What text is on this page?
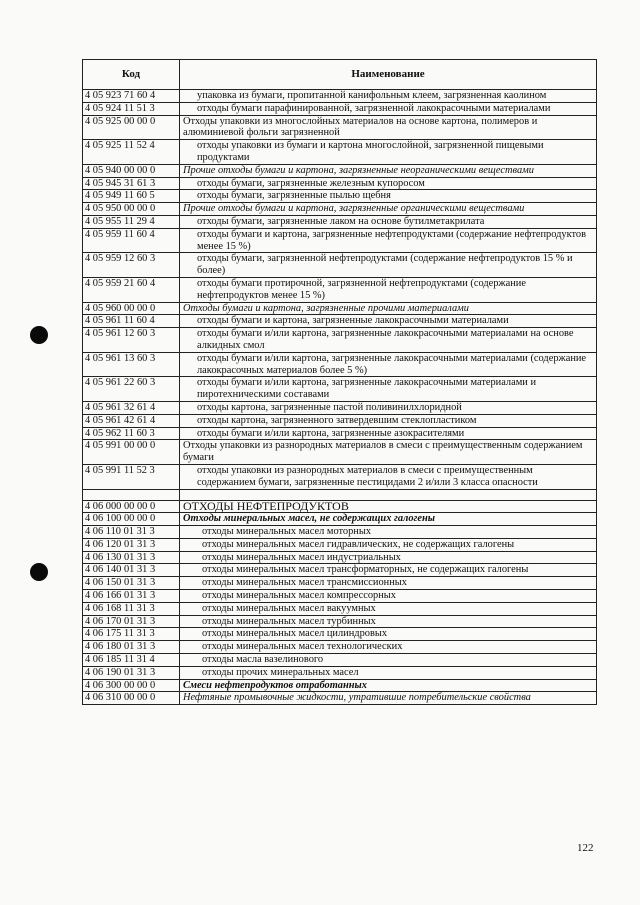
Код	Наименование
4 05 923 71 60 4	упаковка из бумаги, пропитанной канифольным клеем, загрязненная каолином
4 05 924 11 51 3	отходы бумаги парафинированной, загрязненной лакокрасочными материалами
4 05 925 00 00 0	Отходы упаковки из многослойных материалов на основе картона, полимеров и алюминиевой фольги загрязненной
4 05 925 11 52 4	отходы упаковки из бумаги и картона многослойной, загрязненной пищевыми продуктами
4 05 940 00 00 0	Прочие отходы бумаги и картона, загрязненные неорганическими веществами
4 05 945 31 61 3	отходы бумаги, загрязненные железным купоросом
4 05 949 11 60 5	отходы бумаги, загрязненные пылью щебня
4 05 950 00 00 0	Прочие отходы бумаги и картона, загрязненные органическими веществами
4 05 955 11 29 4	отходы бумаги, загрязненные лаком на основе бутилметакрилата
4 05 959 11 60 4	отходы бумаги и картона, загрязненные нефтепродуктами (содержание нефтепродуктов менее 15 %)
4 05 959 12 60 3	отходы бумаги, загрязненной нефтепродуктами (содержание нефтепродуктов 15 % и более)
4 05 959 21 60 4	отходы бумаги протирочной, загрязненной нефтепродуктами (содержание нефтепродуктов менее 15 %)
4 05 960 00 00 0	Отходы бумаги и картона, загрязненные прочими материалами
4 05 961 11 60 4	отходы бумаги и картона, загрязненные лакокрасочными материалами
4 05 961 12 60 3	отходы бумаги и/или картона, загрязненные лакокрасочными материалами на основе алкидных смол
4 05 961 13 60 3	отходы бумаги и/или картона, загрязненные лакокрасочными материалами (содержание лакокрасочных материалов более 5 %)
4 05 961 22 60 3	отходы бумаги и/или картона, загрязненные лакокрасочными материалами и пиротехническими составами
4 05 961 32 61 4	отходы картона, загрязненные пастой поливинилхлоридной
4 05 961 42 61 4	отходы картона, загрязненного затвердевшим стеклопластиком
4 05 962 11 60 3	отходы бумаги и/или картона, загрязненные азокрасителями
4 05 991 00 00 0	Отходы упаковки из разнородных материалов в смеси с преимущественным содержанием бумаги
4 05 991 11 52 3	отходы упаковки из разнородных материалов в смеси с преимущественным содержанием бумаги, загрязненные пестицидами 2 и/или 3 класса опасности

4 06 000 00 00 0	ОТХОДЫ НЕФТЕПРОДУКТОВ
4 06 100 00 00 0	Отходы минеральных масел, не содержащих галогены
4 06 110 01 31 3	отходы минеральных масел моторных
4 06 120 01 31 3	отходы минеральных масел гидравлических, не содержащих галогены
4 06 130 01 31 3	отходы минеральных масел индустриальных
4 06 140 01 31 3	отходы минеральных масел трансформаторных, не содержащих галогены
4 06 150 01 31 3	отходы минеральных масел трансмиссионных
4 06 166 01 31 3	отходы минеральных масел компрессорных
4 06 168 11 31 3	отходы минеральных масел вакуумных
4 06 170 01 31 3	отходы минеральных масел турбинных
4 06 175 11 31 3	отходы минеральных масел цилиндровых
4 06 180 01 31 3	отходы минеральных масел технологических
4 06 185 11 31 4	отходы масла вазелинового
4 06 190 01 31 3	отходы прочих минеральных масел
4 06 300 00 00 0	Смеси нефтепродуктов отработанных
4 06 310 00 00 0	Нефтяные промывочные жидкости, утратившие потребительские свойства
122
